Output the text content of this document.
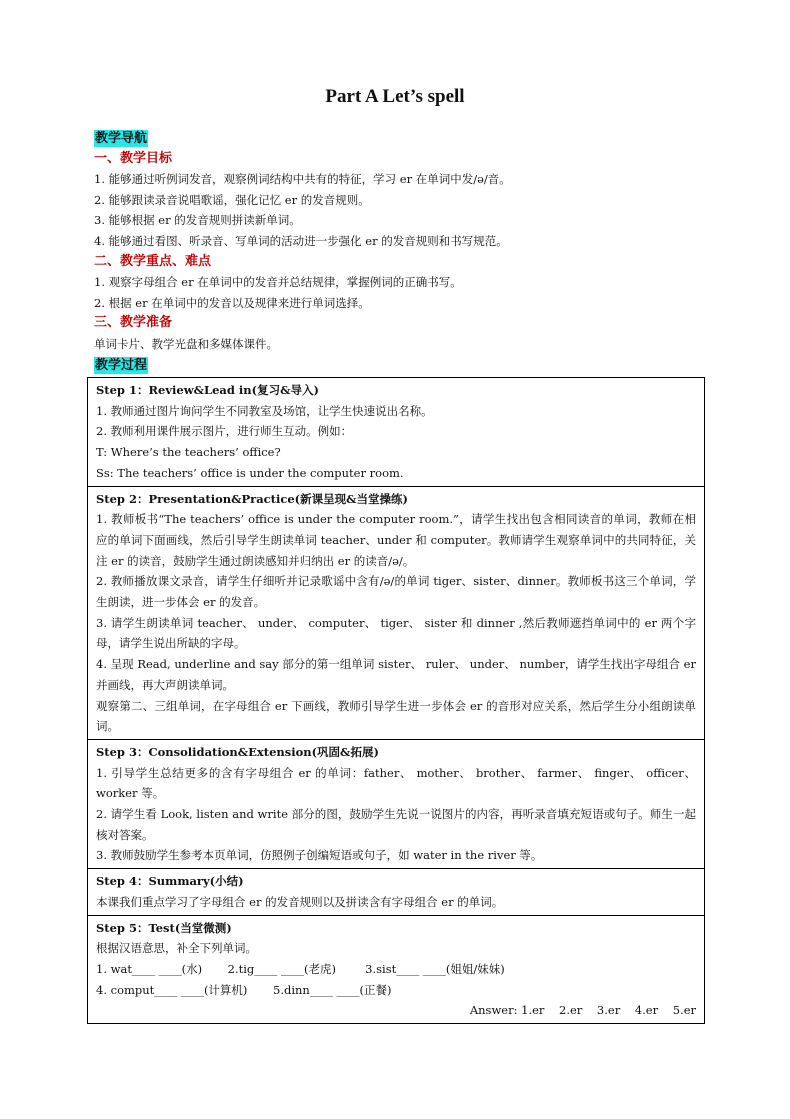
Part A Let’s spell
教学导航
一、教学目标
1. 能够通过听例词发音，观察例词结构中共有的特征，学习 er 在单词中发/ə/音。
2. 能够跟读录音说唱歌谣，强化记忆 er 的发音规则。
3. 能够根据 er 的发音规则拼读新单词。
4. 能够通过看图、听录音、写单词的活动进一步强化 er 的发音规则和书写规范。
二、教学重点、难点
1. 观察字母组合 er 在单词中的发音并总结规律，掌握例词的正确书写。
2. 根据 er 在单词中的发音以及规律来进行单词选择。
三、教学准备
单词卡片、教学光盘和多媒体课件。
教学过程
Step 1：Review&Lead in(复习&导入)
1. 教师通过图片询问学生不同教室及场馆，让学生快速说出名称。
2. 教师利用课件展示图片，进行师生互动。例如：
T: Where’s the teachers’ office?
Ss: The teachers’ office is under the computer room.
Step 2：Presentation&Practice(新课呈现&当堂操练)
1. 教师板书“The teachers’ office is under the computer room.”，请学生找出包含相同读音的单词，教师在相应的单词下面画线，然后引导学生朗读单词 teacher、under 和 computer。教师请学生观察单词中的共同特征，关注 er 的读音，鼓励学生通过朗读感知并归纳出 er 的读音/ə/。
2. 教师播放课文录音，请学生仔细听并记录歌谣中含有/ə/的单词 tiger、sister、dinner。教师板书这三个单词，学生朗读，进一步体会 er 的发音。
3. 请学生朗读单词 teacher、 under、 computer、 tiger、 sister 和 dinner ,然后教师遮挡单词中的 er 两个字母，请学生说出所缺的字母。
4. 呈现 Read, underline and say 部分的第一组单词 sister、 ruler、 under、 number，请学生找出字母组合 er 并画线，再大声朗读单词。
观察第二、三组单词，在字母组合 er 下画线，教师引导学生进一步体会 er 的音形对应关系，然后学生分小组朗读单词。
Step 3：Consolidation&Extension(巩固&拓展)
1. 引导学生总结更多的含有字母组合 er 的单词：father、 mother、 brother、 farmer、 finger、 officer、worker 等。
2. 请学生看 Look, listen and write 部分的图，鼓励学生先说一说图片的内容，再听录音填充短语或句子。师生一起核对答案。
3. 教师鼓励学生参考本页单词，仿照例子创编短语或句子，如 water in the river 等。
Step 4：Summary(小结)
本课我们重点学习了字母组合 er 的发音规则以及拼读含有字母组合 er 的单词。
Step 5：Test(当堂微测)
根据汉语意思，补全下列单词。
1. wat____ ____(水)       2.tig____ ____(老虎)        3.sist____ ____(姐姐/妹妹)
4. comput____ ____(计算机)       5.dinn____ ____(正餐)
Answer: 1.er    2.er    3.er    4.er    5.er
